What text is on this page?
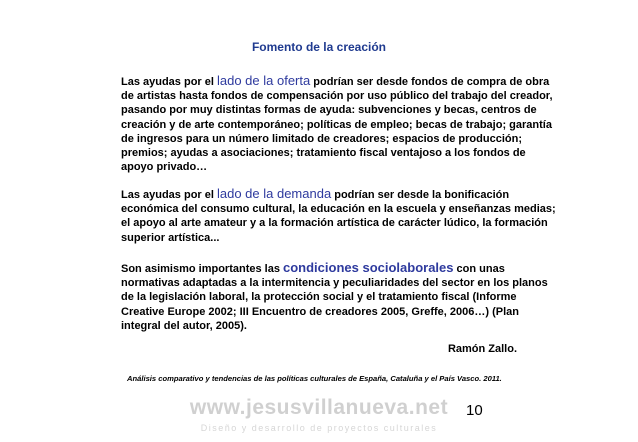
Fomento de la creación
Las ayudas por el lado de la oferta podrían ser desde fondos de compra de obra de artistas hasta fondos de compensación por uso público del trabajo del creador, pasando por muy distintas formas de ayuda: subvenciones y becas, centros de creación y de arte contemporáneo; políticas de empleo; becas de trabajo; garantía de ingresos para un número limitado de creadores; espacios de producción; premios; ayudas a asociaciones; tratamiento fiscal ventajoso a los fondos de apoyo privado…
Las ayudas por el lado de la demanda podrían ser desde la bonificación económica del consumo cultural, la educación en la escuela y enseñanzas medias; el apoyo al arte amateur y a la formación artística de carácter lúdico, la formación superior artística...
Son asimismo importantes las condiciones sociolaborales con unas normativas adaptadas a la intermitencia y peculiaridades del sector en los planos de la legislación laboral, la protección social y el tratamiento fiscal (Informe Creative Europe 2002; III Encuentro de creadores 2005, Greffe, 2006…) (Plan integral del autor, 2005).
Ramón Zallo.
Análisis comparativo y tendencias de las políticas culturales de España, Cataluña y el País Vasco. 2011.
www.jesusvillanueva.net
Diseño y desarrollo de proyectos culturales
10
